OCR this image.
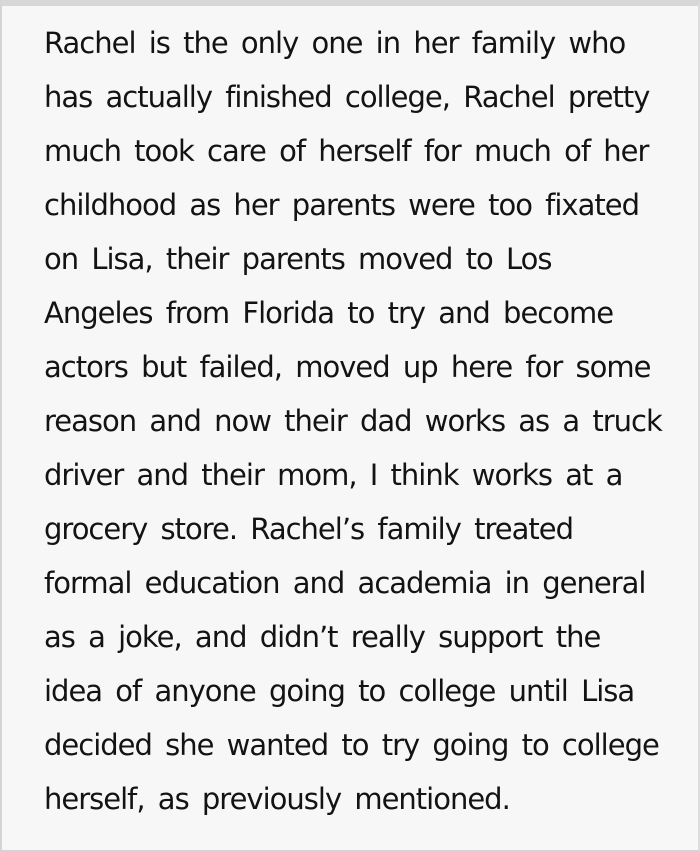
Rachel is the only one in her family who
has actually finished college, Rachel pretty
much took care of herself for much of her
childhood as her parents were too fixated
on Lisa, their parents moved to Los
Angeles from Florida to try and become
actors but failed, moved up here for some
reason and now their dad works as a truck
driver and their mom, I think works at a
grocery store. Rachel’s family treated
formal education and academia in general
as a joke, and didn’t really support the
idea of anyone going to college until Lisa
decided she wanted to try going to college
herself, as previously mentioned.
